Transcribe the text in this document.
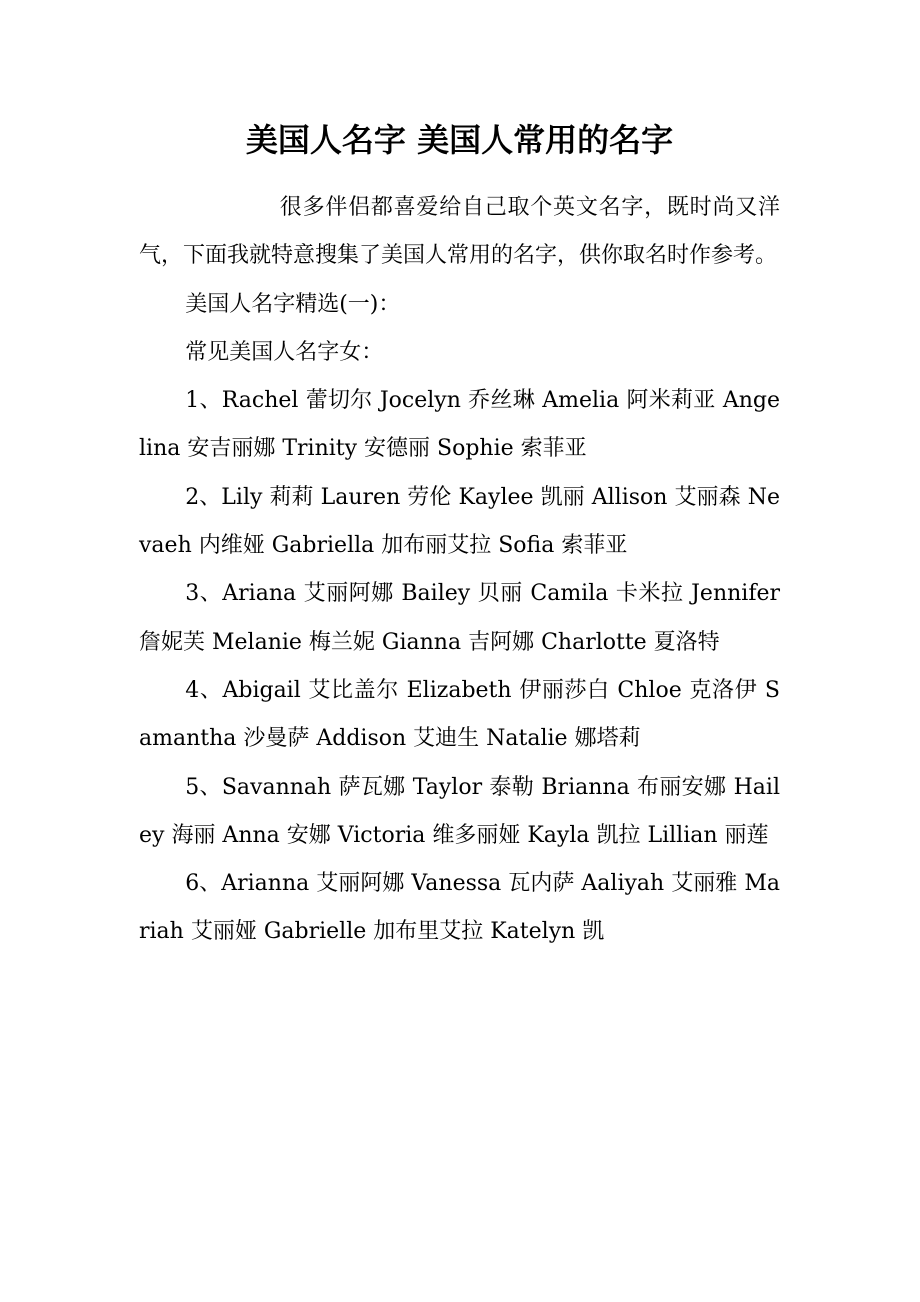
美国人名字 美国人常用的名字

很多伴侣都喜爱给自己取个英文名字，既时尚又洋气，下面我就特意搜集了美国人常用的名字，供你取名时作参考。

美国人名字精选(一)：

常见美国人名字女：

1、Rachel 蕾切尔 Jocelyn 乔丝琳 Amelia 阿米莉亚 Angelina 安吉丽娜 Trinity 安德丽 Sophie 索菲亚

2、Lily 莉莉 Lauren 劳伦 Kaylee 凯丽 Allison 艾丽森 Nevaeh 内维娅 Gabriella 加布丽艾拉 Sofia 索菲亚

3、Ariana 艾丽阿娜 Bailey 贝丽 Camila 卡米拉 Jennifer 詹妮芙 Melanie 梅兰妮 Gianna 吉阿娜 Charlotte 夏洛特

4、Abigail 艾比盖尔 Elizabeth 伊丽莎白 Chloe 克洛伊 Samantha 沙曼萨 Addison 艾迪生 Natalie 娜塔莉

5、Savannah 萨瓦娜 Taylor 泰勒 Brianna 布丽安娜 Hailey 海丽 Anna 安娜 Victoria 维多丽娅 Kayla 凯拉 Lillian 丽莲

6、Arianna 艾丽阿娜 Vanessa 瓦内萨 Aaliyah 艾丽雅 Mariah 艾丽娅 Gabrielle 加布里艾拉 Katelyn 凯
